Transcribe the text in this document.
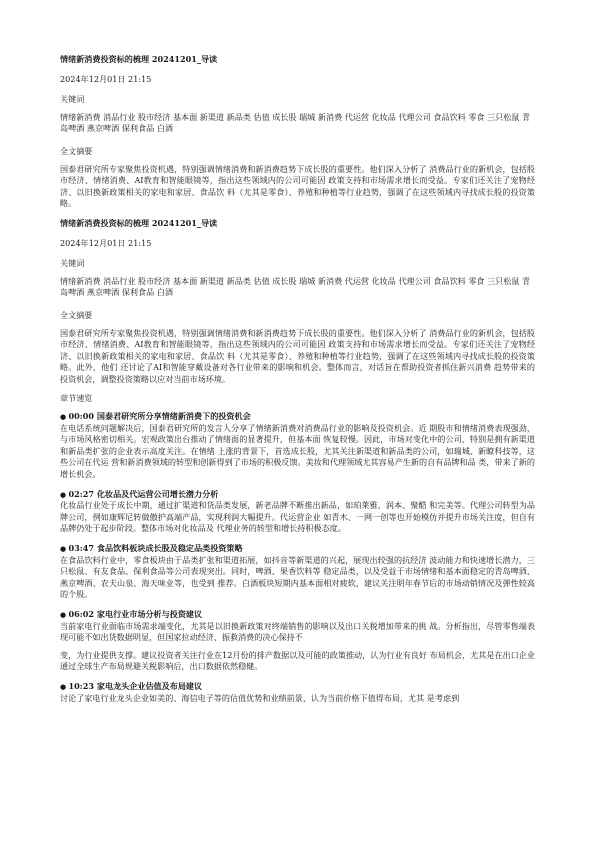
情绪新消费投资标的梳理 20241201_导读

2024年12月01日 21:15

关键词

情绪新消费 消品行业 股市经济 基本面 新渠道 新品类 估值 成长股 瑞城 新消费 代运营 化妆品 代理公司 食品饮料 零食 三只松鼠 青岛啤酒 燕京啤酒 保利食品 白酒

全文摘要

国泰君研究所专家聚焦投资机遇，特别强调情绪消费和新消费趋势下成长股的重要性。他们深入分析了 消费品行业的新机会，包括股市经济、情绪消费、AI教育和智能眼镜等，指出这些领域内的公司可能因 政策支持和市场需求增长而受益。专家们还关注了宠物经济、以旧换新政策相关的家电和家居、食品饮 料（尤其是零食）、养殖和种植等行业趋势，强调了在这些领域内寻找成长股的投资策略。

情绪新消费投资标的梳理 20241201_导读

2024年12月01日 21:15

关键词

情绪新消费 消品行业 股市经济 基本面 新渠道 新品类 估值 成长股 瑞城 新消费 代运营 化妆品 代理公司 食品饮料 零食 三只松鼠 青岛啤酒 燕京啤酒 保利食品 白酒

全文摘要

国泰君研究所专家聚焦投资机遇，特别强调情绪消费和新消费趋势下成长股的重要性。他们深入分析了 消费品行业的新机会，包括股市经济、情绪消费、AI教育和智能眼镜等，指出这些领域内的公司可能因 政策支持和市场需求增长而受益。专家们还关注了宠物经济、以旧换新政策相关的家电和家居、食品饮 料（尤其是零食）、养殖和种植等行业趋势，强调了在这些领域内寻找成长股的投资策略。此外，他们 还讨论了AI和智能穿戴设备对各行业带来的影响和机会。整体而言，对话旨在帮助投资者抓住新兴消费 趋势带来的投资机会，调整投资策略以应对当前市场环境。

章节速览

● 00:00 国泰君研究所分享情绪新消费下的投资机会

在电话系统问题解决后，国泰君研究所的发言人分享了情绪新消费对消费品行业的影响及投资机会。近 期股市和情绪消费表现强劲，与市场风格密切相关。宏观政策出台推动了情绪面的显著提升，但基本面 恢复较慢。因此，市场对变化中的公司，特别是拥有新渠道和新品类扩张的企业表示高度关注。在情绪 上涨的背景下，首选成长股，尤其关注新渠道和新品类的公司，如瑞城、新瞭科技等，这些公司在代运 营和新消费领域的转型和创新得到了市场的积极反馈。美妆和代理领域尤其容易产生新的自有品牌和品 类，带来了新的增长机会。

● 02:27 化妆品及代运营公司增长潜力分析

化妆品行业处于成长中期，通过扩渠道和货品类发展，新老品牌不断推出新品，如珀莱雅、润本、聚酷 和完美等。代理公司转型为品牌公司，例如康辉尼转做傲护高端产品，实现利润大幅提升。代运营企业 如青木、一网一创等也开始模仿并提升市场关注度，但自有品牌仍处于起步阶段。整体市场对化妆品及 代理业务的转型和增长持积极态度。

● 03:47 食品饮料板块成长股及稳定品类投资策略

在食品饮料行业中，零食板块由于品类扩张和渠道拓展，如抖音等新渠道的兴起，展现出较强的抗经济 波动能力和快速增长潜力，三只松鼠、有友食品、保利食品等公司表现突出。同时，啤酒、果香饮料等 稳定品类，以及受益于市场情绪和基本面稳定的青岛啤酒、燕京啤酒、农夫山泉、海天味业等，也受到 推荐。白酒板块短期内基本面相对疲软，建议关注明年春节后的市场动销情况及弹性较高的个股。

● 06:02 家电行业市场分析与投资建议

当前家电行业面临市场需求端变化，尤其是以旧换新政策对终端销售的影响以及出口关税增加带来的挑 战。分析指出，尽管零售端表现可能不如出货数据明显，但国家拉动经济、振救消费的决心保持不

变，为行业提供支撑。建议投资者关注行业在12月份的排产数据以及可能的政策推动，认为行业有良好 布局机会，尤其是在出口企业通过全球生产布局规避关税影响后，出口数据依然稳健。

● 10:23 家电龙头企业估值及布局建议

讨论了家电行业龙头企业如美的、海信电子等的估值优势和业绩前景，认为当前价格下值得布局，尤其 是考虑到
